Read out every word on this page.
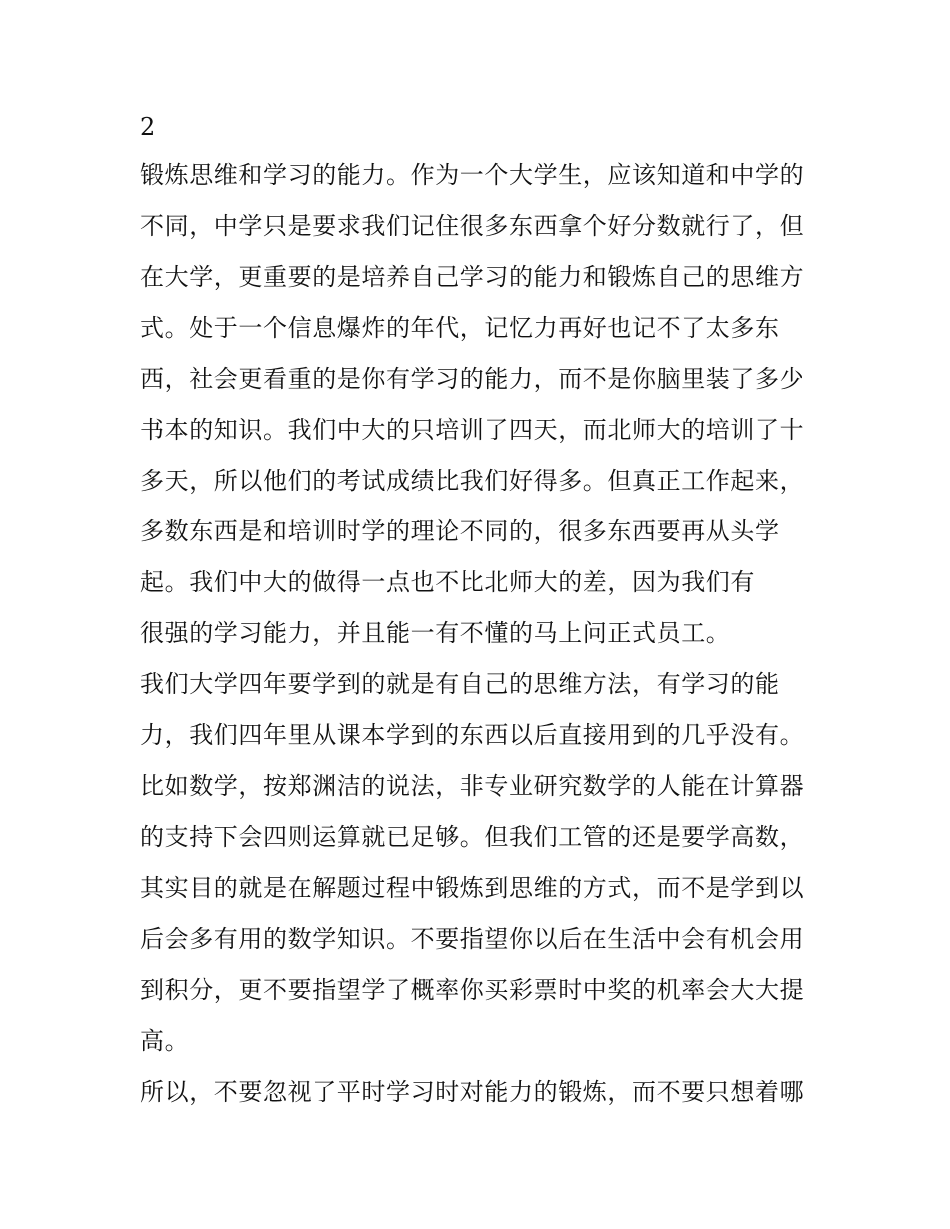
2
锻炼思维和学习的能力。作为一个大学生，应该知道和中学的
不同，中学只是要求我们记住很多东西拿个好分数就行了，但
在大学，更重要的是培养自己学习的能力和锻炼自己的思维方
式。处于一个信息爆炸的年代，记忆力再好也记不了太多东
西，社会更看重的是你有学习的能力，而不是你脑里装了多少
书本的知识。我们中大的只培训了四天，而北师大的培训了十
多天，所以他们的考试成绩比我们好得多。但真正工作起来，
多数东西是和培训时学的理论不同的，很多东西要再从头学
起。我们中大的做得一点也不比北师大的差，因为我们有
很强的学习能力，并且能一有不懂的马上问正式员工。
我们大学四年要学到的就是有自己的思维方法，有学习的能
力，我们四年里从课本学到的东西以后直接用到的几乎没有。
比如数学，按郑渊洁的说法，非专业研究数学的人能在计算器
的支持下会四则运算就已足够。但我们工管的还是要学高数，
其实目的就是在解题过程中锻炼到思维的方式，而不是学到以
后会多有用的数学知识。不要指望你以后在生活中会有机会用
到积分，更不要指望学了概率你买彩票时中奖的机率会大大提
高。
所以，不要忽视了平时学习时对能力的锻炼，而不要只想着哪
